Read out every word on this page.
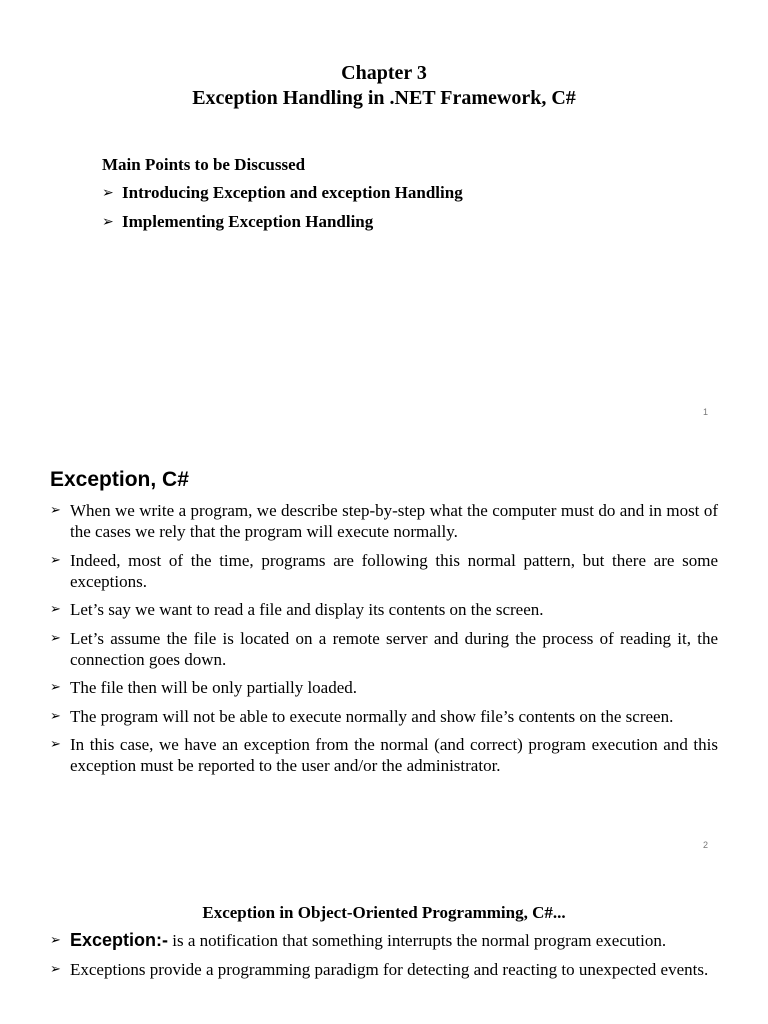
Chapter 3
Exception Handling in .NET Framework, C#
Main Points to be Discussed
➢ Introducing Exception and exception Handling
➢ Implementing Exception Handling
1
Exception, C#
➢ When we write a program, we describe step-by-step what the computer must do and in most of the cases we rely that the program will execute normally.
➢ Indeed, most of the time, programs are following this normal pattern, but there are some exceptions.
➢ Let’s say we want to read a file and display its contents on the screen.
➢ Let’s assume the file is located on a remote server and during the process of reading it, the connection goes down.
➢ The file then will be only partially loaded.
➢ The program will not be able to execute normally and show file’s contents on the screen.
➢ In this case, we have an exception from the normal (and correct) program execution and this exception must be reported to the user and/or the administrator.
2
Exception in Object-Oriented Programming, C#...
➢ Exception:- is a notification that something interrupts the normal program execution.
➢ Exceptions provide a programming paradigm for detecting and reacting to unexpected events.
